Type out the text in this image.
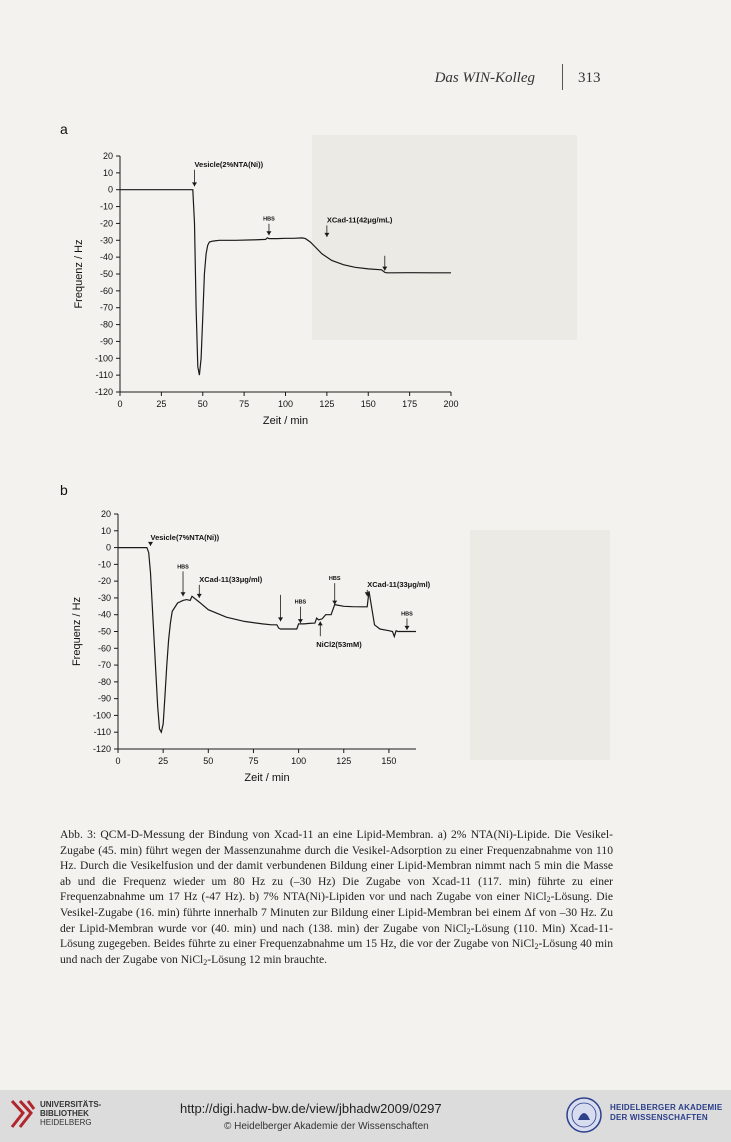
Das WIN-Kolleg	313
a
20
10
0
-10
-20
-30
-40
-50
-60
-70
-80
-90
-100
-110
-120
0	25	50	75	100	125	150	175	200
Zeit / min
Frequenz / Hz
Vesicle(2%NTA(Ni))
HBS	XCad-11(42μg/mL)
b
20
10
0
-10
-20
-30
-40
-50
-60
-70
-80
-90
-100
-110
-120
0	25	50	75	100	125	150
Zeit / min
Frequenz / Hz
Vesicle(7%NTA(Ni))
HBS
XCad-11(33μg/ml)
HBS
NiCl2(53mM)
HBS
XCad-11(33μg/ml)
HBS
Abb. 3: QCM-D-Messung der Bindung von Xcad-11 an eine Lipid-Membran. a) 2% NTA(Ni)-Lipide. Die Vesikel-Zugabe (45. min) führt wegen der Massenzunahme durch die Vesikel-Adsorption zu einer Frequenzabnahme von 110 Hz. Durch die Vesikelfusion und der damit verbundenen Bildung einer Lipid-Membran nimmt nach 5 min die Masse ab und die Frequenz wieder um 80 Hz zu (–30 Hz) Die Zugabe von Xcad-11 (117. min) führte zu einer Frequenzabnahme um 17 Hz (-47 Hz). b) 7% NTA(Ni)-Lipiden vor und nach Zugabe von einer NiCl$_2$-Lösung. Die Vesikel-Zugabe (16. min) führte innerhalb 7 Minuten zur Bildung einer Lipid-Membran bei einem Δf von –30 Hz. Zu der Lipid-Membran wurde vor (40. min) und nach (138. min) der Zugabe von NiCl$_2$-Lösung (110. Min) Xcad-11-Lösung zugegeben. Beides führte zu einer Frequenzabnahme um 15 Hz, die vor der Zugabe von NiCl$_2$-Lösung 40 min und nach der Zugabe von NiCl$_2$-Lösung 12 min brauchte.
UNIVERSITÄTS-
BIBLIOTHEK
HEIDELBERG
http://digi.hadw-bw.de/view/jbhadw2009/0297
© Heidelberger Akademie der Wissenschaften
HEIDELBERGER AKADEMIE
DER WISSENSCHAFTEN
